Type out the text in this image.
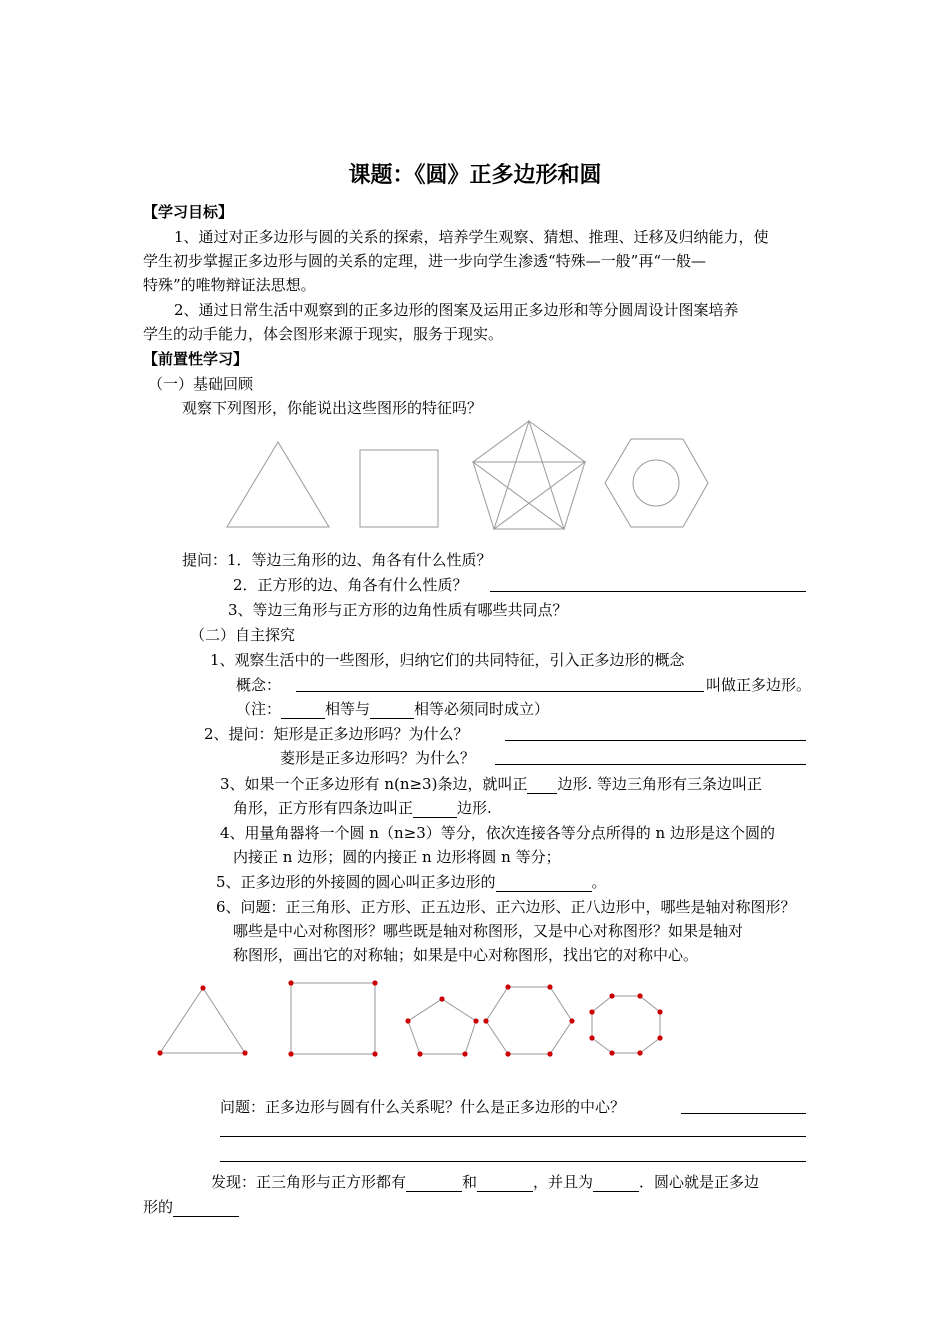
课题：《圆》正多边形和圆
【学习目标】
1、通过对正多边形与圆的关系的探索，培养学生观察、猜想、推理、迁移及归纳能力，使
学生初步掌握正多边形与圆的关系的定理，进一步向学生渗透“特殊—一般”再“一般—
特殊”的唯物辩证法思想。
2、通过日常生活中观察到的正多边形的图案及运用正多边形和等分圆周设计图案培养
学生的动手能力，体会图形来源于现实，服务于现实。
【前置性学习】
（一）基础回顾
观察下列图形，你能说出这些图形的特征吗？
提问：1．等边三角形的边、角各有什么性质？
2．正方形的边、角各有什么性质？
3、等边三角形与正方形的边角性质有哪些共同点？
（二）自主探究
1、观察生活中的一些图形，归纳它们的共同特征，引入正多边形的概念
概念：	叫做正多边形。
（注：	相等与	相等必须同时成立）
2、提问：矩形是正多边形吗？为什么？
菱形是正多边形吗？为什么？
3、如果一个正多边形有 n(n≥3)条边，就叫正 边形. 等边三角形有三条边叫正
角形，正方形有四条边叫正	边形.
4、用量角器将一个圆 n（n≥3）等分，依次连接各等分点所得的 n 边形是这个圆的
内接正 n 边形；圆的内接正 n 边形将圆 n 等分；
5、正多边形的外接圆的圆心叫正多边形的	。
6、问题：正三角形、正方形、正五边形、正六边形、正八边形中，哪些是轴对称图形？
哪些是中心对称图形？哪些既是轴对称图形，又是中心对称图形？如果是轴对
称图形，画出它的对称轴；如果是中心对称图形，找出它的对称中心。
问题：正多边形与圆有什么关系呢？什么是正多边形的中心？
发现：正三角形与正方形都有	和	，并且为	．圆心就是正多边
形的
